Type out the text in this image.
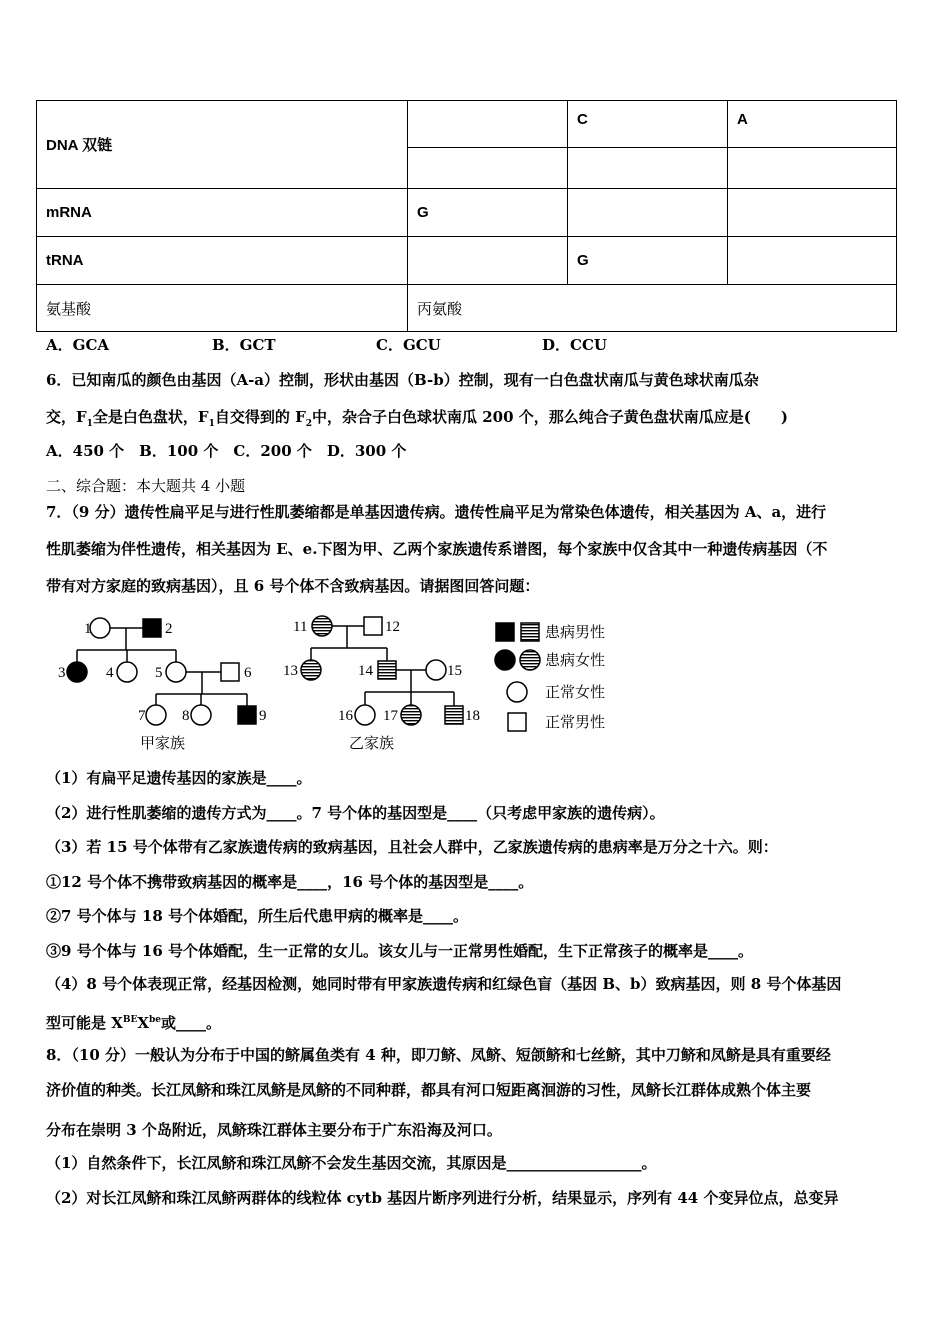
DNA 双链		C	A

mRNA	G		
tRNA		G	
氨基酸	丙氨酸		
A．GCA	B．GCT	C．GCU	D．CCU
6．已知南瓜的颜色由基因（A-a）控制，形状由基因（B-b）控制，现有一白色盘状南瓜与黄色球状南瓜杂
交，$F_1$全是白色盘状，$F_1$自交得到的 $F_2$中，杂合子白色球状南瓜 200 个，那么纯合子黄色盘状南瓜应是(　　)
A．450 个　B．100 个　C．200 个　D．300 个
二、综合题：本大题共 4 小题
7．（9 分）遗传性扁平足与进行性肌萎缩都是单基因遗传病。遗传性扁平足为常染色体遗传，相关基因为 A、a，进行
性肌萎缩为伴性遗传，相关基因为 E、e.下图为甲、乙两个家族遗传系谱图，每个家族中仅含其中一种遗传病基因（不
带有对方家庭的致病基因），且 6 号个体不含致病基因。请据图回答问题：
1	2
3	4	5	6
7 8	9
11	12
13	14	15
16 17	18
甲家族	乙家族
患病男性
患病女性
正常女性
正常男性
（1）有扁平足遗传基因的家族是____。
（2）进行性肌萎缩的遗传方式为____。7 号个体的基因型是____（只考虑甲家族的遗传病）。
（3）若 15 号个体带有乙家族遗传病的致病基因，且社会人群中，乙家族遗传病的患病率是万分之十六。则：
①12 号个体不携带致病基因的概率是____，16 号个体的基因型是____。
②7 号个体与 18 号个体婚配，所生后代患甲病的概率是____。
③9 号个体与 16 号个体婚配，生一正常的女儿。该女儿与一正常男性婚配，生下正常孩子的概率是____。
（4）8 号个体表现正常，经基因检测，她同时带有甲家族遗传病和红绿色盲（基因 B、b）致病基因，则 8 号个体基因
型可能是 $X^{BE}X^{be}$或____。
8．（10 分）一般认为分布于中国的鲚属鱼类有 4 种，即刀鲚、凤鲚、短颌鲚和七丝鲚，其中刀鲚和凤鲚是具有重要经
济价值的种类。长江凤鲚和珠江凤鲚是凤鲚的不同种群，都具有河口短距离洄游的习性，凤鲚长江群体成熟个体主要
分布在崇明 3 个岛附近，凤鲚珠江群体主要分布于广东沿海及河口。
（1）自然条件下，长江凤鲚和珠江凤鲚不会发生基因交流，其原因是__________________。
（2）对长江凤鲚和珠江凤鲚两群体的线粒体 cytb 基因片断序列进行分析，结果显示，序列有 44 个变异位点，总变异
